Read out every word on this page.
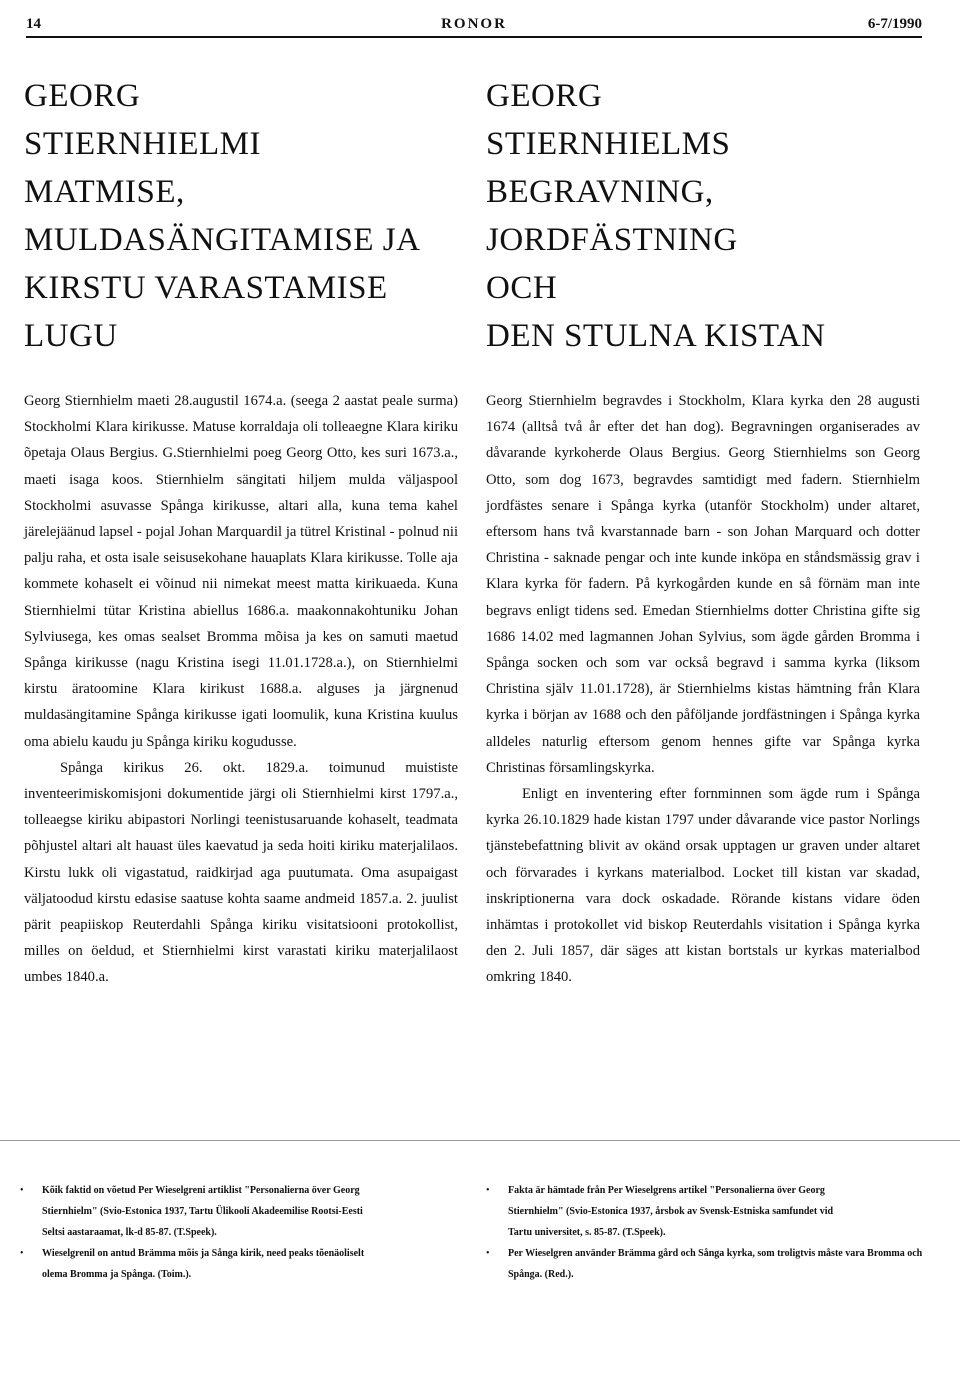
14	RONOR	6-7/1990
GEORG
STIERNHIELMI
MATMISE,
MULDASÄNGITAMISE JA
KIRSTU VARASTAMISE
LUGU
GEORG
STIERNHIELMS
BEGRAVNING,
JORDFÄSTNING
OCH
DEN STULNA KISTAN

Georg Stiernhielm maeti 28.augustil 1674.a. (seega 2 aastat peale surma) Stockholmi Klara kirikusse. Matuse korraldaja oli tolleaegne Klara kiriku õpetaja Olaus Bergius. G.Stiernhielmi poeg Georg Otto, kes suri 1673.a., maeti isaga koos. Stiernhielm sängitati hiljem mulda väljaspool Stockholmi asuvasse Spånga kirikusse, altari alla, kuna tema kahel järelejäänud lapsel - pojal Johan Marquardil ja tütrel Kristinal - polnud nii palju raha, et osta isale seisusekohane hauaplats Klara kirikusse. Tolle aja kommete kohaselt ei võinud nii nimekat meest matta kirikuaeda. Kuna Stiernhielmi tütar Kristina abiellus 1686.a. maakonnakohtuniku Johan Sylviusega, kes omas sealset Bromma mõisa ja kes on samuti maetud Spånga kirikusse (nagu Kristina isegi 11.01.1728.a.), on Stiernhielmi kirstu äratoomine Klara kirikust 1688.a. alguses ja järgnenud muldasängitamine Spånga kirikusse igati loomulik, kuna Kristina kuulus oma abielu kaudu ju Spånga kiriku kogudusse.

Spånga kirikus 26. okt. 1829.a. toimunud muististe inventeerimiskomisjoni dokumentide järgi oli Stiernhielmi kirst 1797.a., tolleaegse kiriku abipastori Norlingi teenistusaruande kohaselt, teadmata põhjustel altari alt hauast üles kaevatud ja seda hoiti kiriku materjalilaos. Kirstu lukk oli vigastatud, raidkirjad aga puutumata. Oma asupaigast väljatoodud kirstu edasise saatuse kohta saame andmeid 1857.a. 2. juulist pärit peapiiskop Reuterdahli Spånga kiriku visitatsiooni protokollist, milles on öeldud, et Stiernhielmi kirst varastati kiriku materjalilaost umbes 1840.a.

Georg Stiernhielm begravdes i Stockholm, Klara kyrka den 28 augusti 1674 (alltså två år efter det han dog). Begravningen organiserades av dåvarande kyrkoherde Olaus Bergius. Georg Stiernhielms son Georg Otto, som dog 1673, begravdes samtidigt med fadern. Stiernhielm jordfästes senare i Spånga kyrka (utanför Stockholm) under altaret, eftersom hans två kvarstannade barn - son Johan Marquard och dotter Christina - saknade pengar och inte kunde inköpa en ståndsmässig grav i Klara kyrka för fadern. På kyrkogården kunde en så förnäm man inte begravs enligt tidens sed. Emedan Stiernhielms dotter Christina gifte sig 1686 14.02 med lagmannen Johan Sylvius, som ägde gården Bromma i Spånga socken och som var också begravd i samma kyrka (liksom Christina själv 11.01.1728), är Stiernhielms kistas hämtning från Klara kyrka i början av 1688 och den påföljande jordfästningen i Spånga kyrka alldeles naturlig eftersom genom hennes gifte var Spånga kyrka Christinas församlingskyrka.

Enligt en inventering efter fornminnen som ägde rum i Spånga kyrka 26.10.1829 hade kistan 1797 under dåvarande vice pastor Norlings tjänstebefattning blivit av okänd orsak upptagen ur graven under altaret och förvarades i kyrkans materialbod. Locket till kistan var skadad, inskriptionerna vara dock oskadade. Rörande kistans vidare öden inhämtas i protokollet vid biskop Reuterdahls visitation i Spånga kyrka den 2. Juli 1857, där säges att kistan bortstals ur kyrkas materialbod omkring 1840.

•	Kõik faktid on võetud Per Wieselgreni artiklist "Personalierna över Georg
Stiernhielm" (Svio-Estonica 1937, Tartu Ülikooli Akadeemilise Rootsi-Eesti
Seltsi aastaraamat, lk-d 85-87. (T.Speek).
•	Wieselgrenil on antud Brämma mõis ja Sånga kirik, need peaks tõenäoliselt
olema Bromma ja Spånga. (Toim.).
•	Fakta är hämtade från Per Wieselgrens artikel "Personalierna över Georg
Stiernhielm" (Svio-Estonica 1937, årsbok av Svensk-Estniska samfundet vid
Tartu universitet, s. 85-87. (T.Speek).
•	Per Wieselgren använder Brämma gård och Sånga kyrka, som troligtvis måste vara Bromma och Spånga. (Red.).
